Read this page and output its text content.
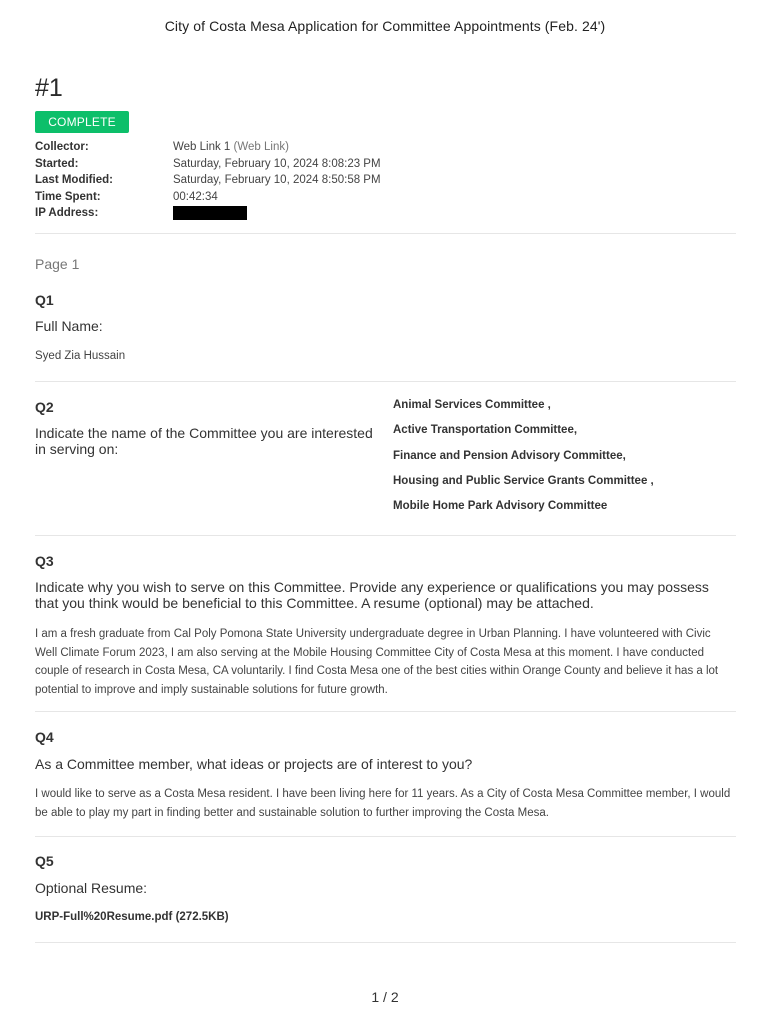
City of Costa Mesa Application for Committee Appointments (Feb. 24')
#1
COMPLETE
Collector:	Web Link 1 (Web Link)
Started:	Saturday, February 10, 2024 8:08:23 PM
Last Modified:	Saturday, February 10, 2024 8:50:58 PM
Time Spent:	00:42:34
IP Address:
Page 1
Q1
Full Name:
Syed Zia Hussain
Q2
Indicate the name of the Committee you are interested in serving on:
Animal Services Committee ,
Active Transportation Committee,
Finance and Pension Advisory Committee,
Housing and Public Service Grants Committee ,
Mobile Home Park Advisory Committee
Q3
Indicate why you wish to serve on this Committee. Provide any experience or qualifications you may possess that you think would be beneficial to this Committee. A resume (optional) may be attached.
I am a fresh graduate from Cal Poly Pomona State University undergraduate degree in Urban Planning. I have volunteered with Civic Well Climate Forum 2023, I am also serving at the Mobile Housing Committee City of Costa Mesa at this moment. I have conducted couple of research in Costa Mesa, CA voluntarily. I find Costa Mesa one of the best cities within Orange County and believe it has a lot potential to improve and imply sustainable solutions for future growth.
Q4
As a Committee member, what ideas or projects are of interest to you?
I would like to serve as a Costa Mesa resident. I have been living here for 11 years. As a City of Costa Mesa Committee member, I would be able to play my part in finding better and sustainable solution to further improving the Costa Mesa.
Q5
Optional Resume:
URP-Full%20Resume.pdf (272.5KB)
1 / 2
